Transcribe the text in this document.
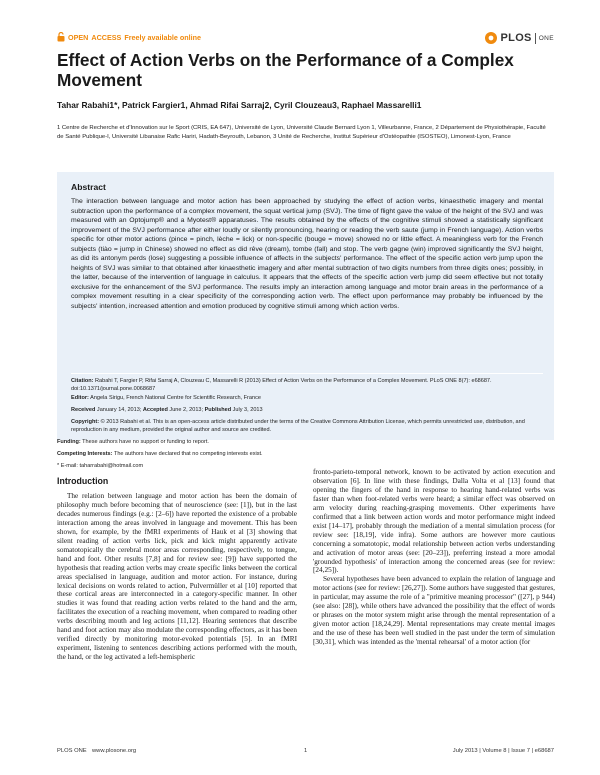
OPEN ACCESS Freely available online	PLOS ONE
Effect of Action Verbs on the Performance of a Complex Movement
Tahar Rabahi1*, Patrick Fargier1, Ahmad Rifai Sarraj2, Cyril Clouzeau3, Raphael Massarelli1
1 Centre de Recherche et d'Innovation sur le Sport (CRIS, EA 647), Université de Lyon, Université Claude Bernard Lyon 1, Villeurbanne, France, 2 Département de Physiothérapie, Faculté de Santé Publique-I, Université Libanaise Rafic Hariri, Hadath-Beyrouth, Lebanon, 3 Unité de Recherche, Institut Supérieur d'Ostéopathie (ISOSTEO), Limonest-Lyon, France
Abstract
The interaction between language and motor action has been approached by studying the effect of action verbs, kinaesthetic imagery and mental subtraction upon the performance of a complex movement, the squat vertical jump (SVJ). The time of flight gave the value of the height of the SVJ and was measured with an Optojump® and a Myotest® apparatuses. The results obtained by the effects of the cognitive stimuli showed a statistically significant improvement of the SVJ performance after either loudly or silently pronouncing, hearing or reading the verb saute (jump in French language). Action verbs specific for other motor actions (pince = pinch, lèche = lick) or non-specific (bouge = move) showed no or little effect. A meaningless verb for the French subjects (tiào = jump in Chinese) showed no effect as did rêve (dream), tombe (fall) and stop. The verb gagne (win) improved significantly the SVJ height, as did its antonym perds (lose) suggesting a possible influence of affects in the subjects' performance. The effect of the specific action verb jump upon the heights of SVJ was similar to that obtained after kinaesthetic imagery and after mental subtraction of two digits numbers from three digits ones; possibly, in the latter, because of the intervention of language in calculus. It appears that the effects of the specific action verb jump did seem effective but not totally exclusive for the enhancement of the SVJ performance. The results imply an interaction among language and motor brain areas in the performance of a complex movement resulting in a clear specificity of the corresponding action verb. The effect upon performance may probably be influenced by the subjects' intention, increased attention and emotion produced by cognitive stimuli among which action verbs.
Citation: Rabahi T, Fargier P, Rifai Sarraj A, Clouzeau C, Massarelli R (2013) Effect of Action Verbs on the Performance of a Complex Movement. PLoS ONE 8(7): e68687. doi:10.1371/journal.pone.0068687
Editor: Angela Sirigu, French National Centre for Scientific Research, France
Received January 14, 2013; Accepted June 2, 2013; Published July 3, 2013
Copyright: © 2013 Rabahi et al. This is an open-access article distributed under the terms of the Creative Commons Attribution License, which permits unrestricted use, distribution, and reproduction in any medium, provided the original author and source are credited.
Funding: These authors have no support or funding to report.
Competing Interests: The authors have declared that no competing interests exist.
* E-mail: taharrabahi@hotmail.com
Introduction
The relation between language and motor action has been the domain of philosophy much before becoming that of neuroscience (see: [1]), but in the last decades numerous findings (e.g.: [2–6]) have reported the existence of a probable interaction among the areas involved in language and movement. This has been shown, for example, by the fMRI experiments of Hauk et al [3] showing that silent reading of action verbs lick, pick and kick might apparently activate somatotopically the cerebral motor areas corresponding, respectively, to tongue, hand and foot. Other results [7,8] and for review see: [9]) have supported the hypothesis that reading action verbs may create specific links between the cortical areas specialised in language, audition and motor action. For instance, during lexical decisions on words related to action, Pulvermüller et al [10] reported that these cortical areas are interconnected in a category-specific manner. In other studies it was found that reading action verbs related to the hand and the arm, facilitates the execution of a reaching movement, when compared to reading other verbs describing mouth and leg actions [11,12]. Hearing sentences that describe hand and foot action may also modulate the corresponding effectors, as it has been verified directly by monitoring motor-evoked potentials [5]. In an fMRI experiment, listening to sentences describing actions performed with the mouth, the hand, or the leg activated a left-hemispheric

fronto-parieto-temporal network, known to be activated by action execution and observation [6]. In line with these findings, Dalla Volta et al [13] found that opening the fingers of the hand in response to hearing hand-related verbs was faster than when foot-related verbs were heard; a similar effect was observed on arm velocity during reaching-grasping movements. Other experiments have confirmed that a link between action words and motor performance might indeed exist [14–17], probably through the mediation of a mental simulation process (for review see: [18,19], vide infra). Some authors are however more cautious concerning a somatotopic, modal relationship between action verbs understanding and activation of motor areas (see: [20–23]), preferring instead a more amodal 'grounded hypothesis' of interaction among the concerned areas (see for review: [24,25]).

Several hypotheses have been advanced to explain the relation of language and motor actions (see for review: [26,27]). Some authors have suggested that gestures, in particular, may assume the role of a "primitive meaning processor" ([27], p 944) (see also: [28]), while others have advanced the possibility that the effect of words or phrases on the motor system might arise through the mental representation of a given motor action [18,24,29]. Mental representations may create mental images and the use of these has been well studied in the past under the term of simulation [30,31], which was intended as the 'mental rehearsal' of a motor action (for

PLOS ONE www.plosone.org	1	July 2013 | Volume 8 | Issue 7 | e68687
